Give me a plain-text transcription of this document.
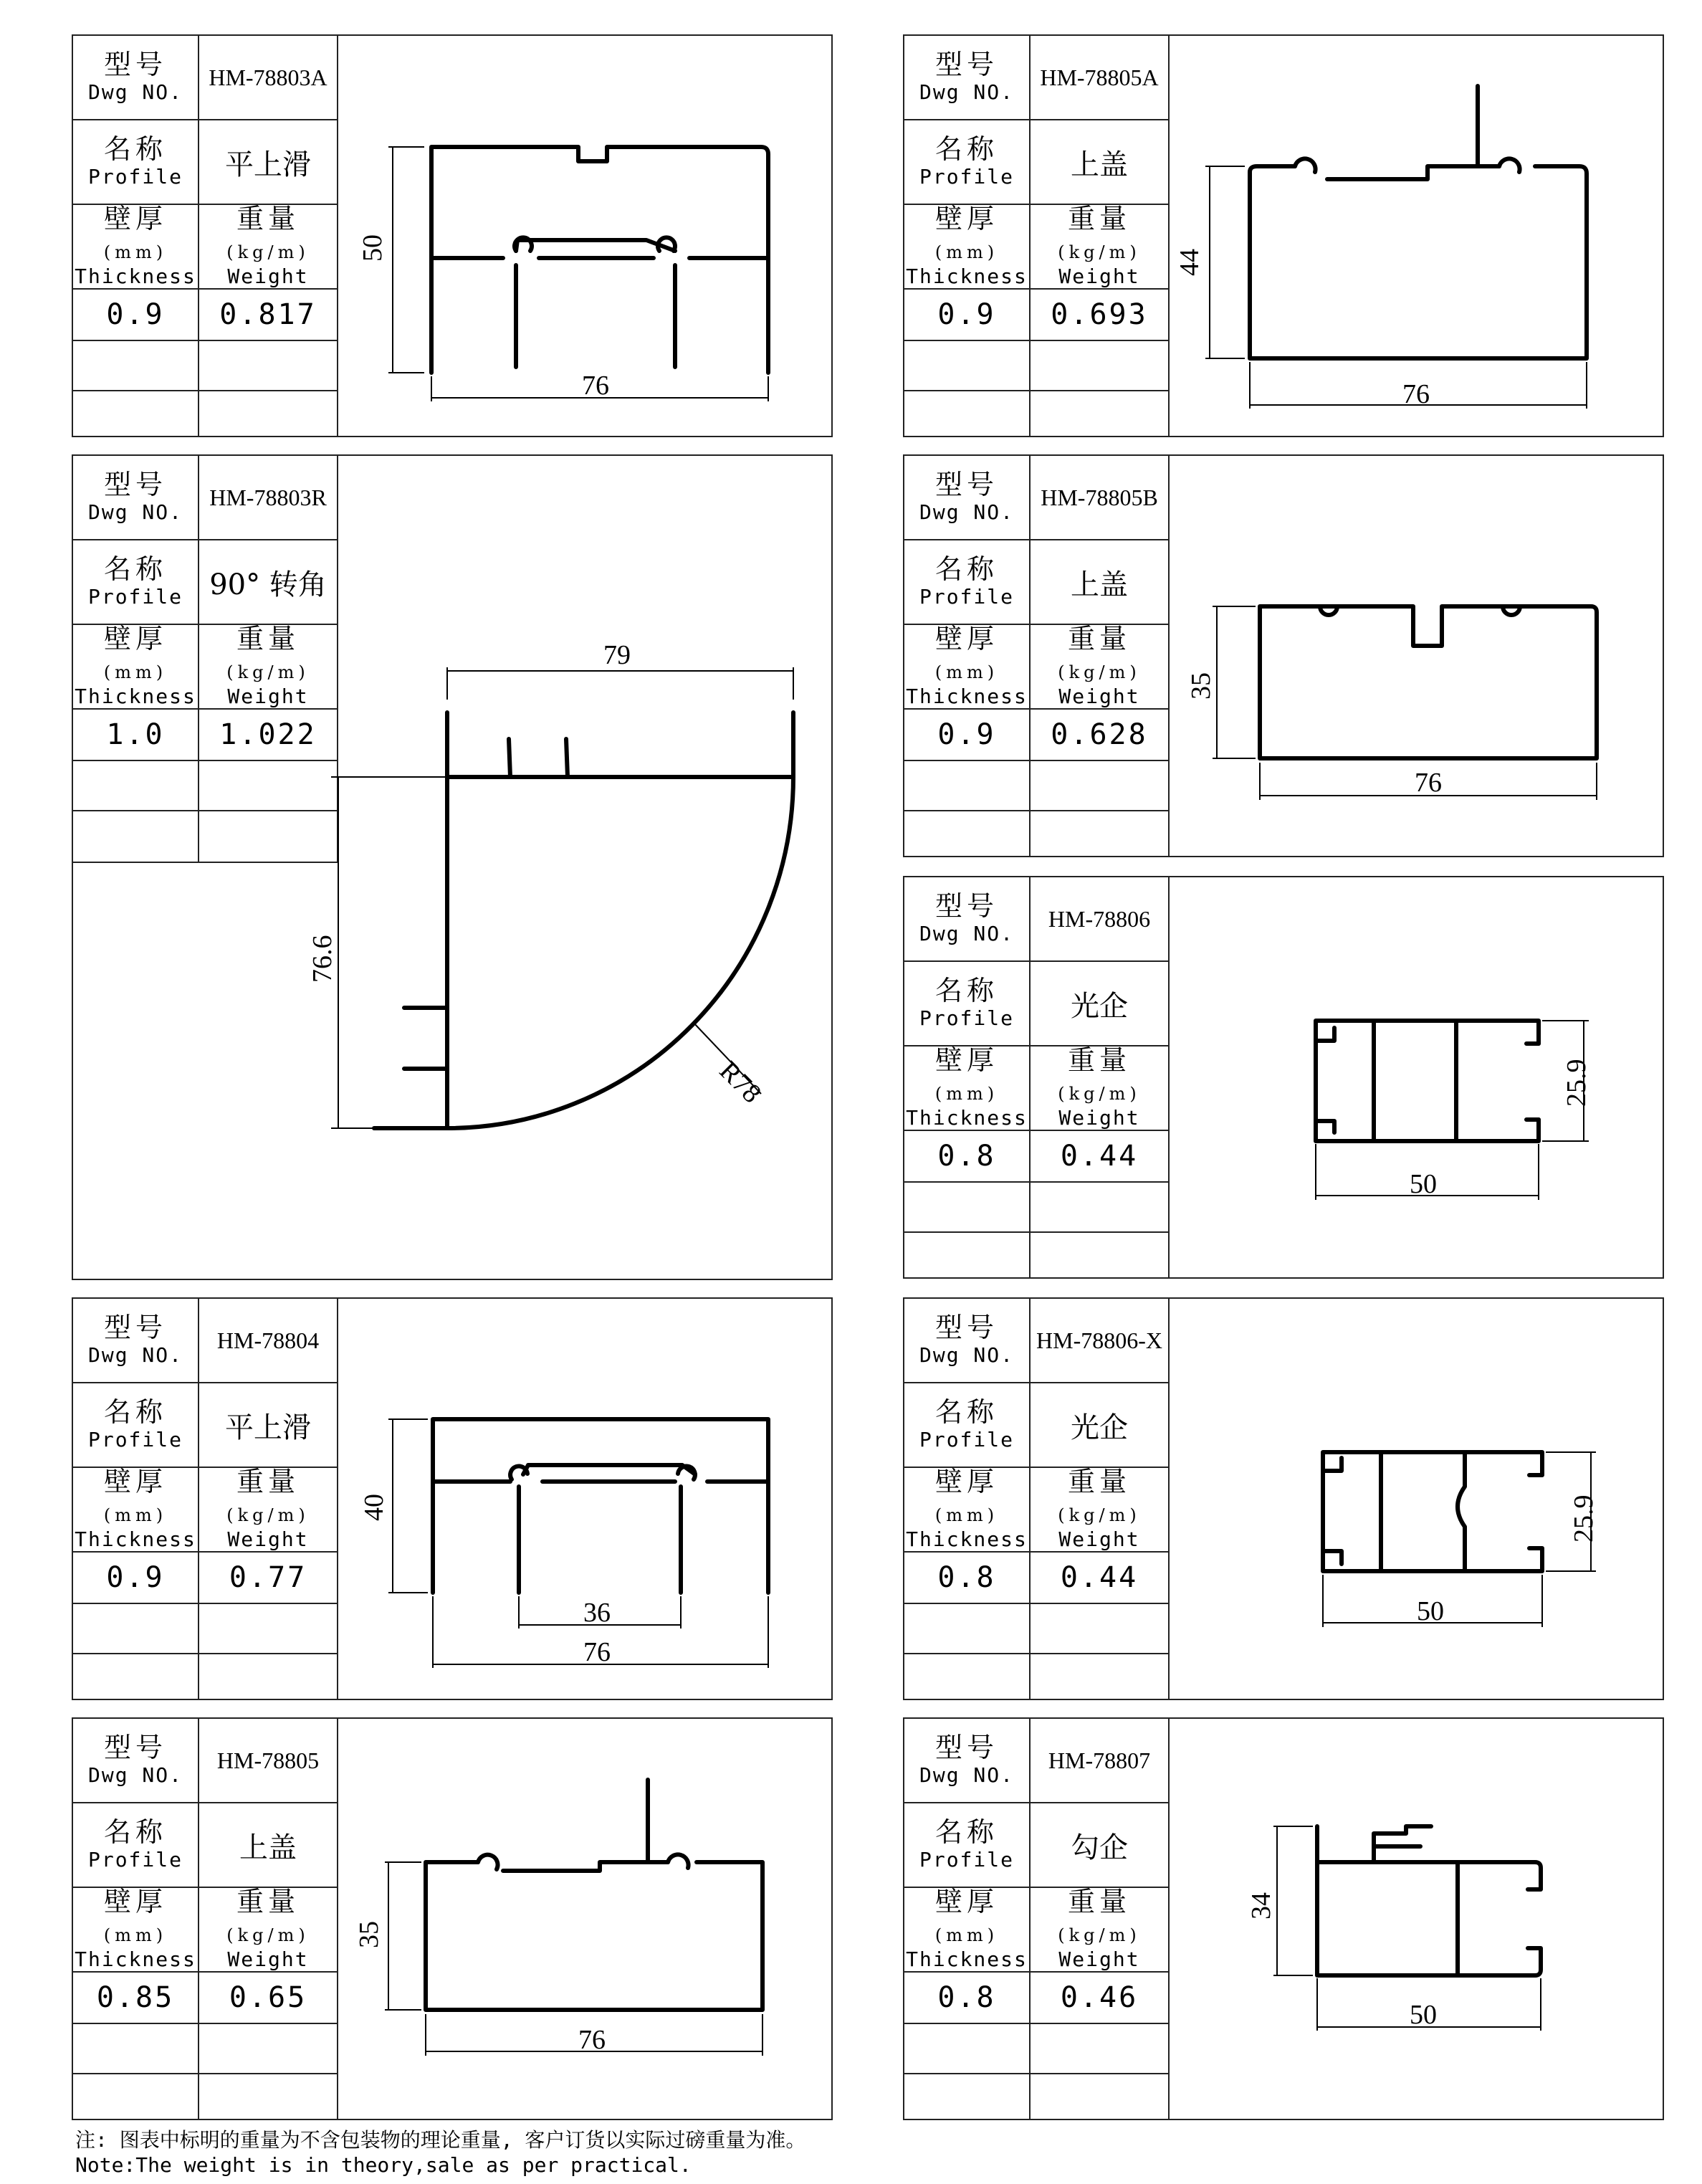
型号
Dwg NO.
HM-78803A
名称
Profile 平上滑
壁厚(mm)
Thickness
重量(kg/m)
Weight
0.9 0.817
50
76
型号
Dwg NO.
HM-78805A
名称
Profile 上盖
壁厚(mm)
Thickness
重量(kg/m)
Weight
0.9 0.693
44
76
型号
Dwg NO.
HM-78803R
名称
Profile 90° 转角
壁厚(mm)
Thickness
重量(kg/m)
Weight
1.0 1.022
79
76.6
R78
型号
Dwg NO.
HM-78805B
名称
Profile 上盖
壁厚(mm)
Thickness
重量(kg/m)
Weight
0.9 0.628
35
76
型号
Dwg NO.
HM-78806
名称
Profile 光企
壁厚(mm)
Thickness
重量(kg/m)
Weight
0.8 0.44
25.9
50
型号
Dwg NO.
HM-78804
名称
Profile 平上滑
壁厚(mm)
Thickness
重量(kg/m)
Weight
0.9 0.77
40
36
76
型号
Dwg NO.
HM-78806-X
名称
Profile 光企
壁厚(mm)
Thickness
重量(kg/m)
Weight
0.8 0.44
25.9
50
型号
Dwg NO.
HM-78805
名称
Profile 上盖
壁厚(mm)
Thickness
重量(kg/m)
Weight
0.85 0.65
35
76
型号
Dwg NO.
HM-78807
名称
Profile 勾企
壁厚(mm)
Thickness
重量(kg/m)
Weight
0.8 0.46
34
50
注: 图表中标明的重量为不含包装物的理论重量, 客户订货以实际过磅重量为准。
Note:The weight is in theory,sale as per practical.
